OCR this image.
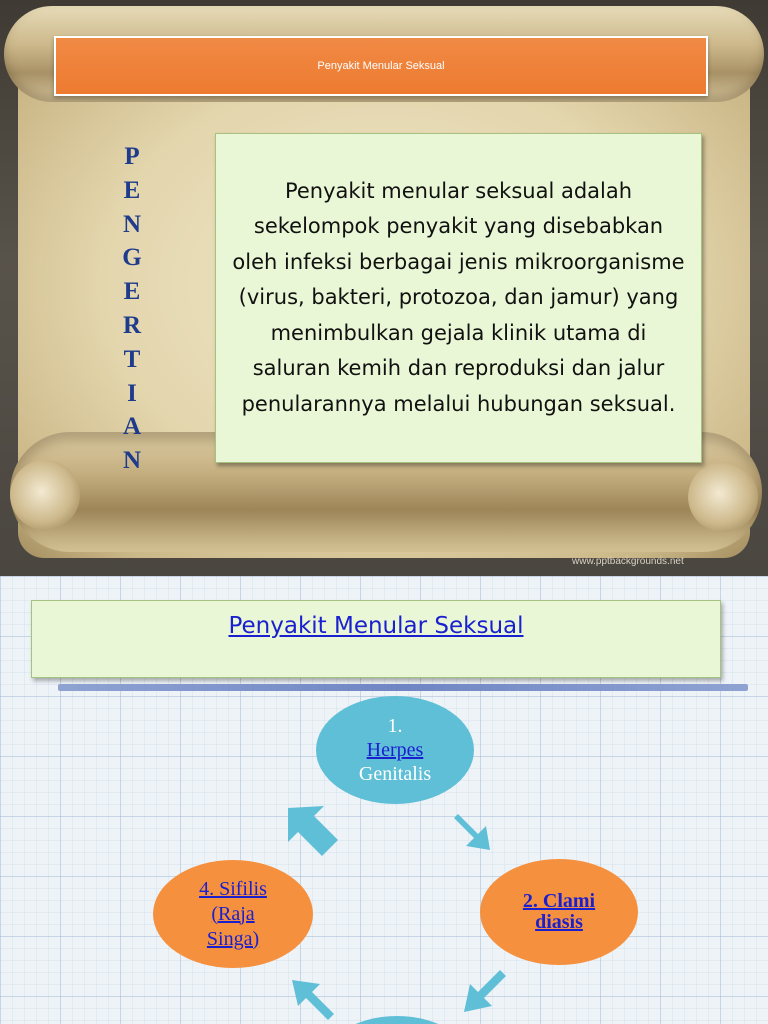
www.pptbackgrounds.net
Penyakit Menular Seksual
P
E
N
G
E
R
T
I
A
N

Penyakit menular seksual adalah sekelompok penyakit yang disebabkan oleh infeksi berbagai jenis mikroorganisme (virus, bakteri, protozoa, dan jamur) yang menimbulkan gejala klinik utama di saluran kemih dan reproduksi dan jalur penularannya melalui hubungan seksual.

Penyakit Menular Seksual
1.
Herpes
Genitalis
2. Clami
diasis
4. Sifilis
(Raja
Singa)
